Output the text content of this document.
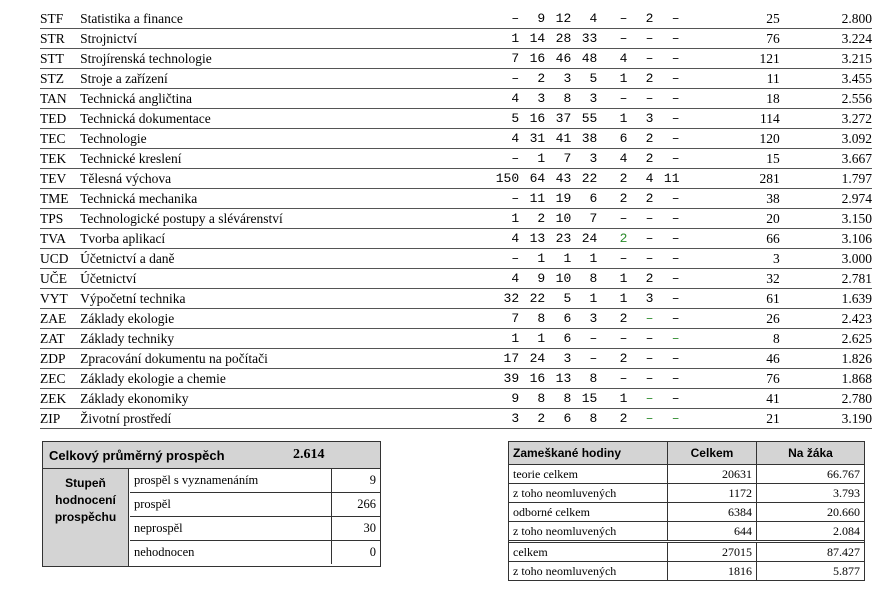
STF	Statistika a finance	–	9	12	4	–	2	–	25	2.800
STR	Strojnictví	1	14	28	33	–	–	–	76	3.224
STT	Strojírenská technologie	7	16	46	48	4	–	–	121	3.215
STZ	Stroje a zařízení	–	2	3	5	1	2	–	11	3.455
TAN	Technická angličtina	4	3	8	3	–	–	–	18	2.556
TED	Technická dokumentace	5	16	37	55	1	3	–	114	3.272
TEC	Technologie	4	31	41	38	6	2	–	120	3.092
TEK	Technické kreslení	–	1	7	3	4	2	–	15	3.667
TEV	Tělesná výchova	150	64	43	22	2	4	11	281	1.797
TME	Technická mechanika	–	11	19	6	2	2	–	38	2.974
TPS	Technologické postupy a slévárenství	1	2	10	7	–	–	–	20	3.150
TVA	Tvorba aplikací	4	13	23	24	2	–	–	66	3.106
UCD	Účetnictví a daně	–	1	1	1	–	–	–	3	3.000
UČE	Účetnictví	4	9	10	8	1	2	–	32	2.781
VYT	Výpočetní technika	32	22	5	1	1	3	–	61	1.639
ZAE	Základy ekologie	7	8	6	3	2	–	–	26	2.423
ZAT	Základy techniky	1	1	6	–	–	–	–	8	2.625
ZDP	Zpracování dokumentu na počítači	17	24	3	–	2	–	–	46	1.826
ZEC	Základy ekologie a chemie	39	16	13	8	–	–	–	76	1.868
ZEK	Základy ekonomiky	9	8	8	15	1	–	–	41	2.780
ZIP	Životní prostředí	3	2	6	8	2	–	–	21	3.190
Celkový průměrný prospěch	2.614
Stupeň
hodnocení
prospěchu
prospěl s vyznamenáním	9
prospěl	266
neprospěl	30
nehodnocen	0
Zameškané hodiny	Celkem	Na žáka
teorie celkem	20631	66.767
z toho neomluvených	1172	3.793
odborné celkem	6384	20.660
z toho neomluvených	644	2.084
celkem	27015	87.427
z toho neomluvených	1816	5.877
